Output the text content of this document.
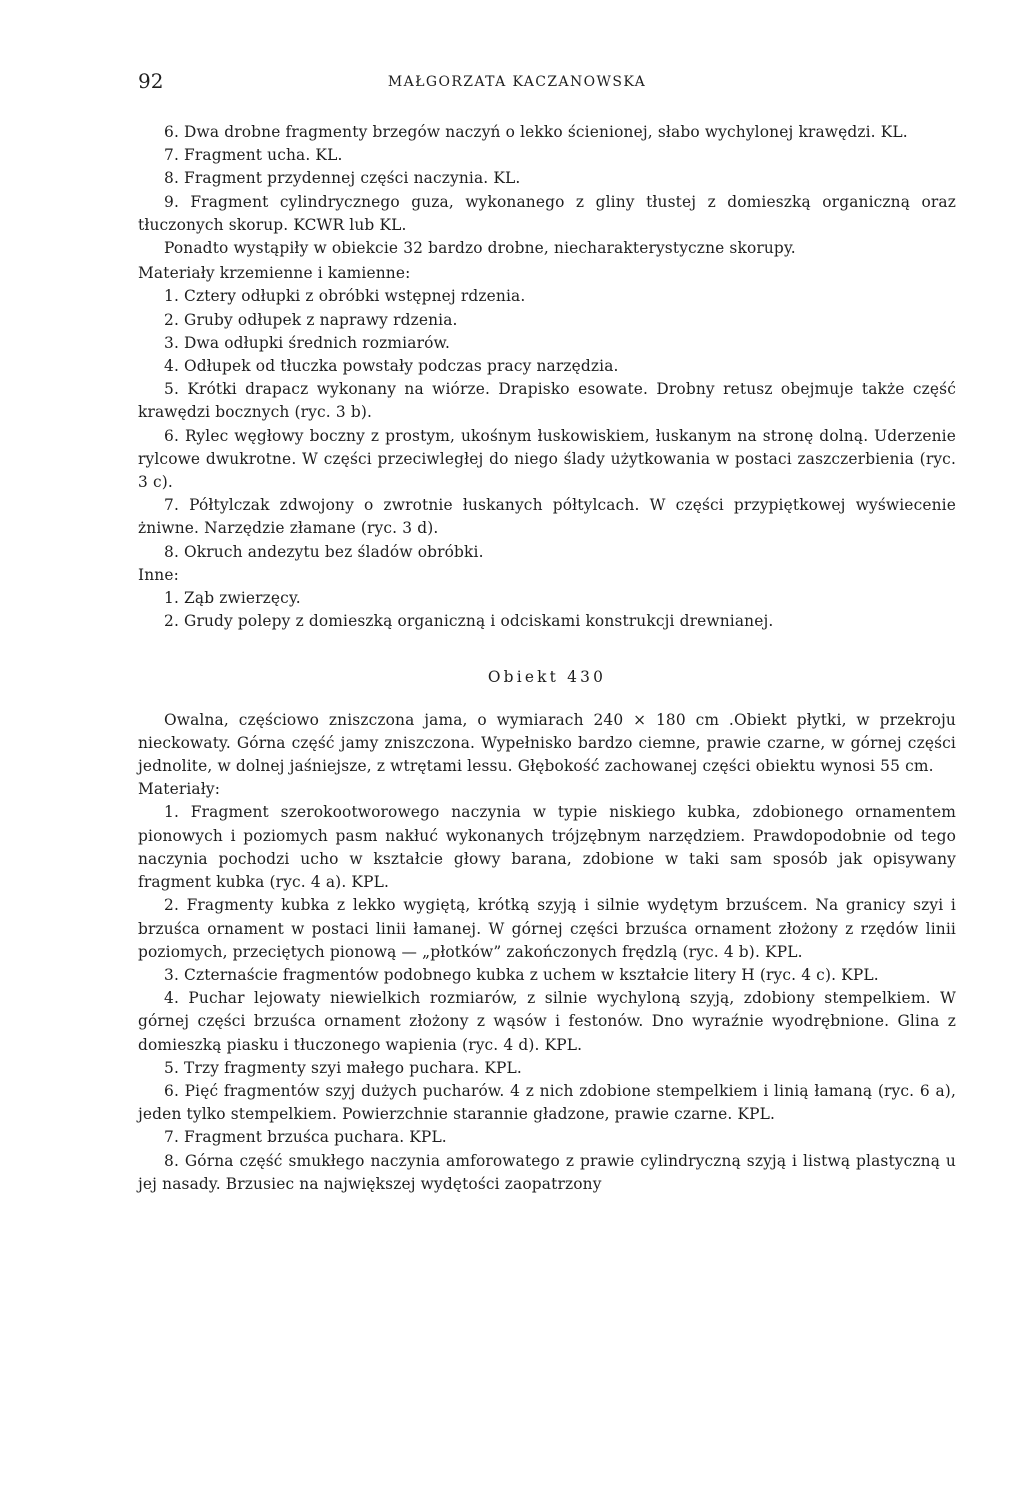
92	MAŁGORZATA KACZANOWSKA

6. Dwa drobne fragmenty brzegów naczyń o lekko ścienionej, słabo wychylonej krawędzi. KL.

7. Fragment ucha. KL.

8. Fragment przydennej części naczynia. KL.

9. Fragment cylindrycznego guza, wykonanego z gliny tłustej z domieszką organiczną oraz tłuczonych skorup. KCWR lub KL.

Ponadto wystąpiły w obiekcie 32 bardzo drobne, niecharakterystyczne skorupy.

Materiały krzemienne i kamienne:

1. Cztery odłupki z obróbki wstępnej rdzenia.

2. Gruby odłupek z naprawy rdzenia.

3. Dwa odłupki średnich rozmiarów.

4. Odłupek od tłuczka powstały podczas pracy narzędzia.

5. Krótki drapacz wykonany na wiórze. Drapisko esowate. Drobny retusz obejmuje także część krawędzi bocznych (ryc. 3 b).

6. Rylec węgłowy boczny z prostym, ukośnym łuskowiskiem, łuskanym na stronę dolną. Uderzenie rylcowe dwukrotne. W części przeciwległej do niego ślady użytkowania w postaci zaszczerbienia (ryc. 3 c).

7. Półtylczak zdwojony o zwrotnie łuskanych półtylcach. W części przypiętkowej wyświecenie żniwne. Narzędzie złamane (ryc. 3 d).

8. Okruch andezytu bez śladów obróbki.

Inne:

1. Ząb zwierzęcy.

2. Grudy polepy z domieszką organiczną i odciskami konstrukcji drewnianej.

Obiekt 430

Owalna, częściowo zniszczona jama, o wymiarach 240 × 180 cm .Obiekt płytki, w przekroju nieckowaty. Górna część jamy zniszczona. Wypełnisko bardzo ciemne, prawie czarne, w górnej części jednolite, w dolnej jaśniejsze, z wtrętami lessu. Głębokość zachowanej części obiektu wynosi 55 cm.

Materiały:

1. Fragment szerokootworowego naczynia w typie niskiego kubka, zdobionego ornamentem pionowych i poziomych pasm nakłuć wykonanych trójzębnym narzędziem. Prawdopodobnie od tego naczynia pochodzi ucho w kształcie głowy barana, zdobione w taki sam sposób jak opisywany fragment kubka (ryc. 4 a). KPL.

2. Fragmenty kubka z lekko wygiętą, krótką szyją i silnie wydętym brzuścem. Na granicy szyi i brzuśca ornament w postaci linii łamanej. W górnej części brzuśca ornament złożony z rzędów linii poziomych, przeciętych pionową — „płotków” zakończonych frędzlą (ryc. 4 b). KPL.

3. Czternaście fragmentów podobnego kubka z uchem w kształcie litery H (ryc. 4 c). KPL.

4. Puchar lejowaty niewielkich rozmiarów, z silnie wychyloną szyją, zdobiony stempelkiem. W górnej części brzuśca ornament złożony z wąsów i festonów. Dno wyraźnie wyodrębnione. Glina z domieszką piasku i tłuczonego wapienia (ryc. 4 d). KPL.

5. Trzy fragmenty szyi małego puchara. KPL.

6. Pięć fragmentów szyj dużych pucharów. 4 z nich zdobione stempelkiem i linią łamaną (ryc. 6 a), jeden tylko stempelkiem. Powierzchnie starannie gładzone, prawie czarne. KPL.

7. Fragment brzuśca puchara. KPL.

8. Górna część smukłego naczynia amforowatego z prawie cylindryczną szyją i listwą plastyczną u jej nasady. Brzusiec na największej wydętości zaopatrzony
